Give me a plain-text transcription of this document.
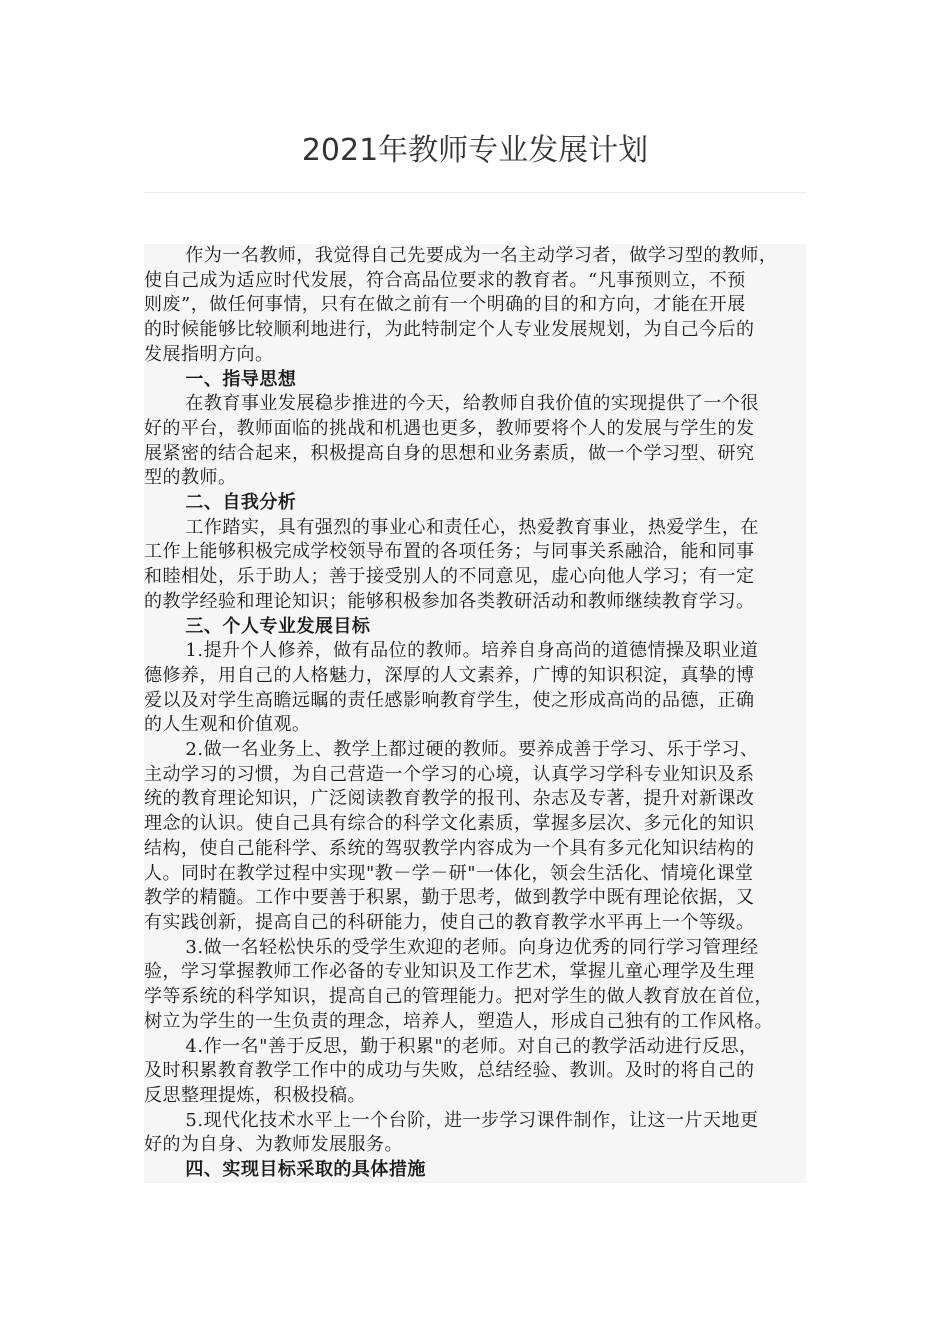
2021年教师专业发展计划
作为一名教师，我觉得自己先要成为一名主动学习者，做学习型的教师，
使自己成为适应时代发展，符合高品位要求的教育者。“凡事预则立，不预
则废”，做任何事情，只有在做之前有一个明确的目的和方向，才能在开展
的时候能够比较顺利地进行，为此特制定个人专业发展规划，为自己今后的
发展指明方向。
一、指导思想
在教育事业发展稳步推进的今天，给教师自我价值的实现提供了一个很
好的平台，教师面临的挑战和机遇也更多，教师要将个人的发展与学生的发
展紧密的结合起来，积极提高自身的思想和业务素质，做一个学习型、研究
型的教师。
二、自我分析
工作踏实，具有强烈的事业心和责任心，热爱教育事业，热爱学生，在
工作上能够积极完成学校领导布置的各项任务；与同事关系融洽，能和同事
和睦相处，乐于助人；善于接受别人的不同意见，虚心向他人学习；有一定
的教学经验和理论知识；能够积极参加各类教研活动和教师继续教育学习。
三、个人专业发展目标
1.提升个人修养，做有品位的教师。培养自身高尚的道德情操及职业道
德修养，用自己的人格魅力，深厚的人文素养，广博的知识积淀，真挚的博
爱以及对学生高瞻远瞩的责任感影响教育学生，使之形成高尚的品德，正确
的人生观和价值观。
2.做一名业务上、教学上都过硬的教师。要养成善于学习、乐于学习、
主动学习的习惯，为自己营造一个学习的心境，认真学习学科专业知识及系
统的教育理论知识，广泛阅读教育教学的报刊、杂志及专著，提升对新课改
理念的认识。使自己具有综合的科学文化素质，掌握多层次、多元化的知识
结构，使自己能科学、系统的驾驭教学内容成为一个具有多元化知识结构的
人。同时在教学过程中实现"教－学－研"一体化，领会生活化、情境化课堂
教学的精髓。工作中要善于积累，勤于思考，做到教学中既有理论依据，又
有实践创新，提高自己的科研能力，使自己的教育教学水平再上一个等级。
3.做一名轻松快乐的受学生欢迎的老师。向身边优秀的同行学习管理经
验，学习掌握教师工作必备的专业知识及工作艺术，掌握儿童心理学及生理
学等系统的科学知识，提高自己的管理能力。把对学生的做人教育放在首位，
树立为学生的一生负责的理念，培养人，塑造人，形成自己独有的工作风格。
4.作一名"善于反思，勤于积累"的老师。对自己的教学活动进行反思，
及时积累教育教学工作中的成功与失败，总结经验、教训。及时的将自己的
反思整理提炼，积极投稿。
5.现代化技术水平上一个台阶，进一步学习课件制作，让这一片天地更
好的为自身、为教师发展服务。
四、实现目标采取的具体措施
